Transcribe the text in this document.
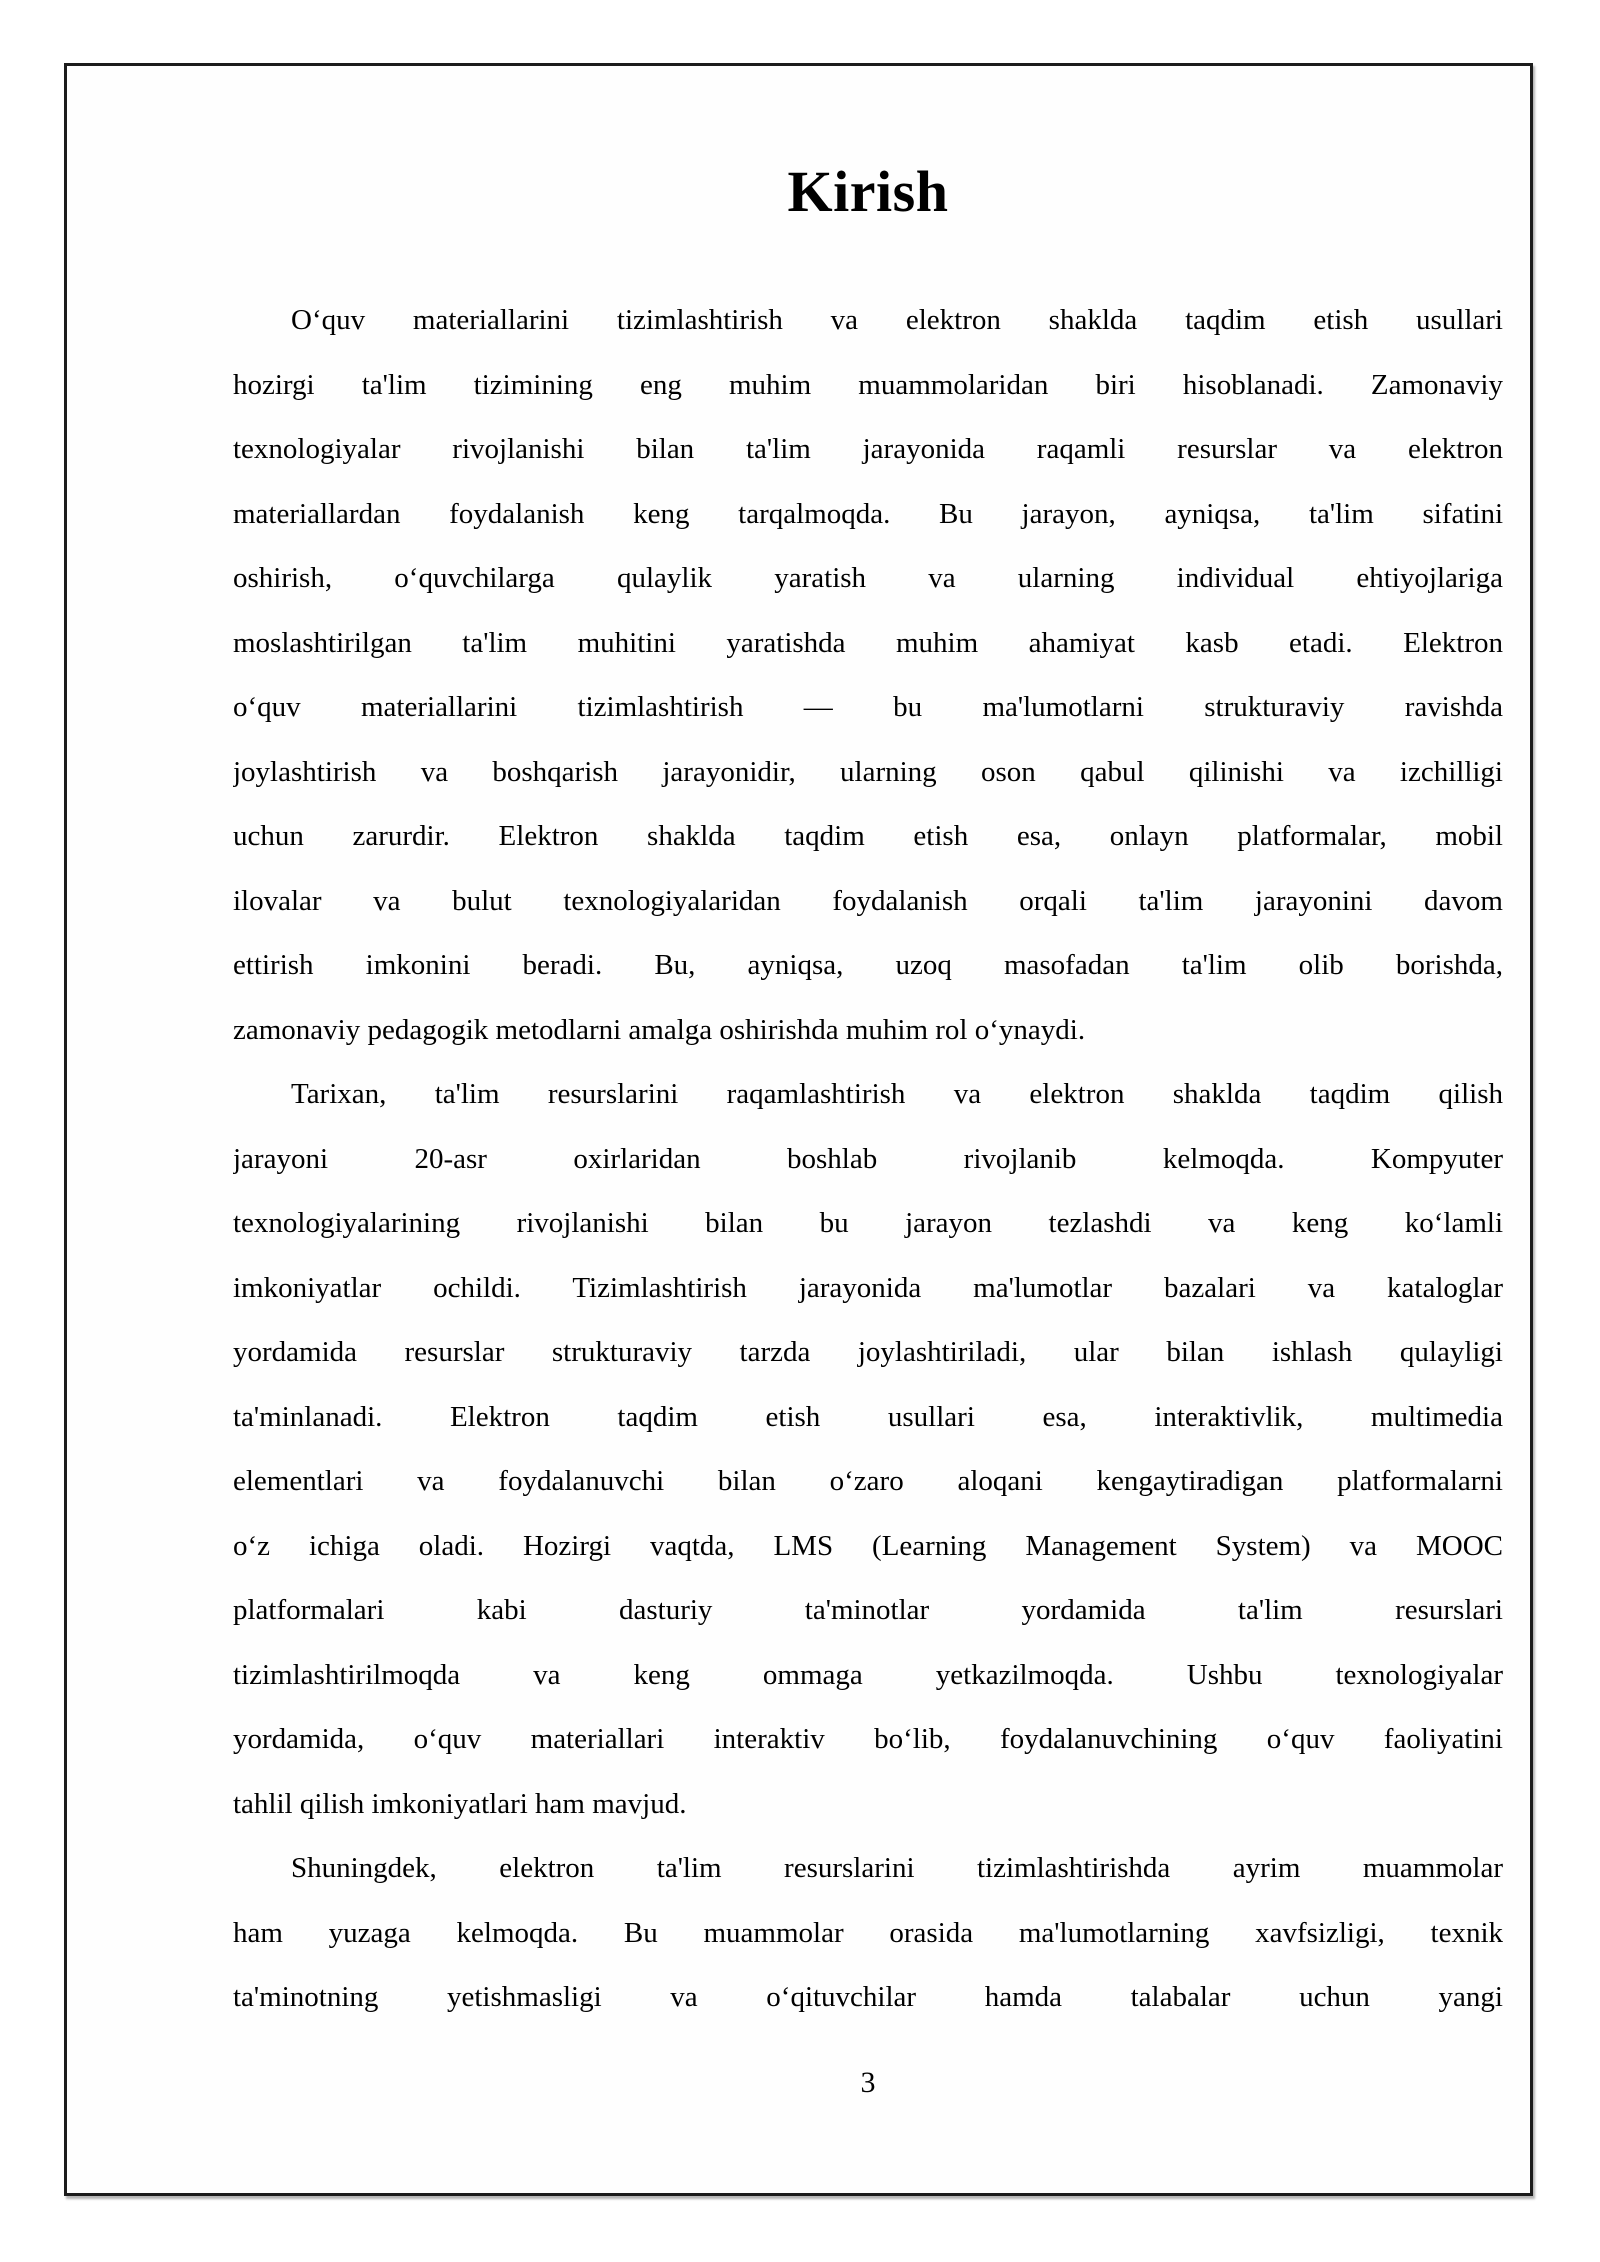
Kirish
Oʻquv materiallarini tizimlashtirish va elektron shaklda taqdim etish usullari
hozirgi ta'lim tizimining eng muhim muammolaridan biri hisoblanadi. Zamonaviy
texnologiyalar rivojlanishi bilan ta'lim jarayonida raqamli resurslar va elektron
materiallardan foydalanish keng tarqalmoqda. Bu jarayon, ayniqsa, ta'lim sifatini
oshirish, oʻquvchilarga qulaylik yaratish va ularning individual ehtiyojlariga
moslashtirilgan ta'lim muhitini yaratishda muhim ahamiyat kasb etadi. Elektron
oʻquv materiallarini tizimlashtirish — bu ma'lumotlarni strukturaviy ravishda
joylashtirish va boshqarish jarayonidir, ularning oson qabul qilinishi va izchilligi
uchun zarurdir. Elektron shaklda taqdim etish esa, onlayn platformalar, mobil
ilovalar va bulut texnologiyalaridan foydalanish orqali ta'lim jarayonini davom
ettirish imkonini beradi. Bu, ayniqsa, uzoq masofadan ta'lim olib borishda,
zamonaviy pedagogik metodlarni amalga oshirishda muhim rol oʻynaydi.
Tarixan, ta'lim resurslarini raqamlashtirish va elektron shaklda taqdim qilish
jarayoni 20-asr oxirlaridan boshlab rivojlanib kelmoqda. Kompyuter
texnologiyalarining rivojlanishi bilan bu jarayon tezlashdi va keng koʻlamli
imkoniyatlar ochildi. Tizimlashtirish jarayonida ma'lumotlar bazalari va kataloglar
yordamida resurslar strukturaviy tarzda joylashtiriladi, ular bilan ishlash qulayligi
ta'minlanadi. Elektron taqdim etish usullari esa, interaktivlik, multimedia
elementlari va foydalanuvchi bilan oʻzaro aloqani kengaytiradigan platformalarni
oʻz ichiga oladi. Hozirgi vaqtda, LMS (Learning Management System) va MOOC
platformalari kabi dasturiy ta'minotlar yordamida ta'lim resurslari
tizimlashtirilmoqda va keng ommaga yetkazilmoqda. Ushbu texnologiyalar
yordamida, oʻquv materiallari interaktiv boʻlib, foydalanuvchining oʻquv faoliyatini
tahlil qilish imkoniyatlari ham mavjud.
Shuningdek, elektron ta'lim resurslarini tizimlashtirishda ayrim muammolar
ham yuzaga kelmoqda. Bu muammolar orasida ma'lumotlarning xavfsizligi, texnik
ta'minotning yetishmasligi va oʻqituvchilar hamda talabalar uchun yangi
3
